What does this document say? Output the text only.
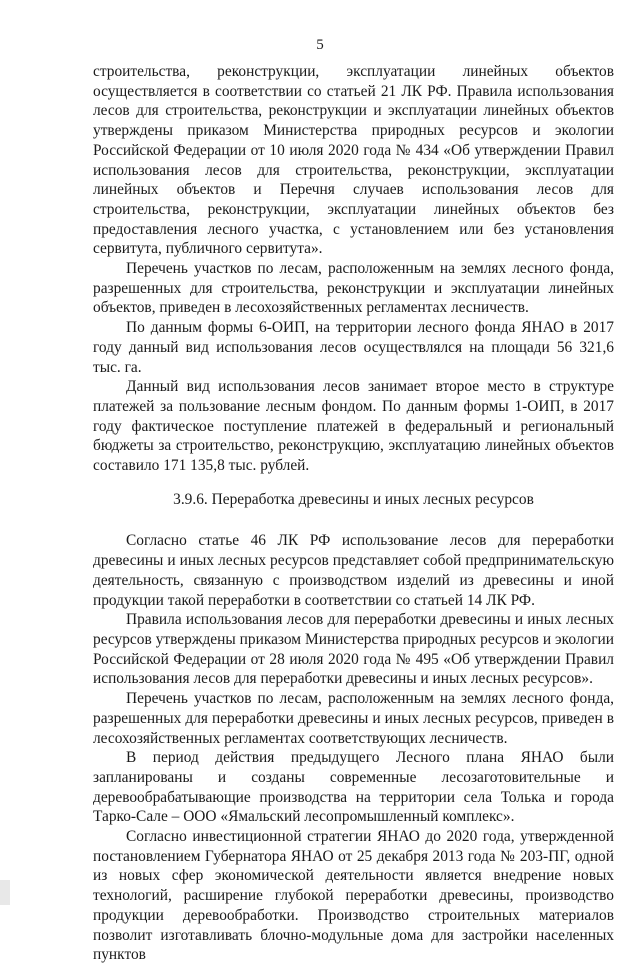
5

строительства, реконструкции, эксплуатации линейных объектов осуществляется в соответствии со статьей 21 ЛК РФ. Правила использования лесов для строительства, реконструкции и эксплуатации линейных объектов утверждены приказом Министерства природных ресурсов и экологии Российской Федерации от 10 июля 2020 года № 434 «Об утверждении Правил использования лесов для строительства, реконструкции, эксплуатации линейных объектов и Перечня случаев использования лесов для строительства, реконструкции, эксплуатации линейных объектов без предоставления лесного участка, с установлением или без установления сервитута, публичного сервитута».

Перечень участков по лесам, расположенным на землях лесного фонда, разрешенных для строительства, реконструкции и эксплуатации линейных объектов, приведен в лесохозяйственных регламентах лесничеств.

По данным формы 6-ОИП, на территории лесного фонда ЯНАО в 2017 году данный вид использования лесов осуществлялся на площади 56 321,6 тыс. га.

Данный вид использования лесов занимает второе место в структуре платежей за пользование лесным фондом. По данным формы 1-ОИП, в 2017 году фактическое поступление платежей в федеральный и региональный бюджеты за строительство, реконструкцию, эксплуатацию линейных объектов составило 171 135,8 тыс. рублей.

3.9.6. Переработка древесины и иных лесных ресурсов

Согласно статье 46 ЛК РФ использование лесов для переработки древесины и иных лесных ресурсов представляет собой предпринимательскую деятельность, связанную с производством изделий из древесины и иной продукции такой переработки в соответствии со статьей 14 ЛК РФ.

Правила использования лесов для переработки древесины и иных лесных ресурсов утверждены приказом Министерства природных ресурсов и экологии Российской Федерации от 28 июля 2020 года № 495 «Об утверждении Правил использования лесов для переработки древесины и иных лесных ресурсов».

Перечень участков по лесам, расположенным на землях лесного фонда, разрешенных для переработки древесины и иных лесных ресурсов, приведен в лесохозяйственных регламентах соответствующих лесничеств.

В период действия предыдущего Лесного плана ЯНАО были запланированы и созданы современные лесозаготовительные и деревообрабатывающие производства на территории села Толька и города Тарко-Сале – ООО «Ямальский лесопромышленный комплекс».

Согласно инвестиционной стратегии ЯНАО до 2020 года, утвержденной постановлением Губернатора ЯНАО от 25 декабря 2013 года № 203-ПГ, одной из новых сфер экономической деятельности является внедрение новых технологий, расширение глубокой переработки древесины, производство продукции деревообработки. Производство строительных материалов позволит изготавливать блочно-модульные дома для застройки населенных пунктов
